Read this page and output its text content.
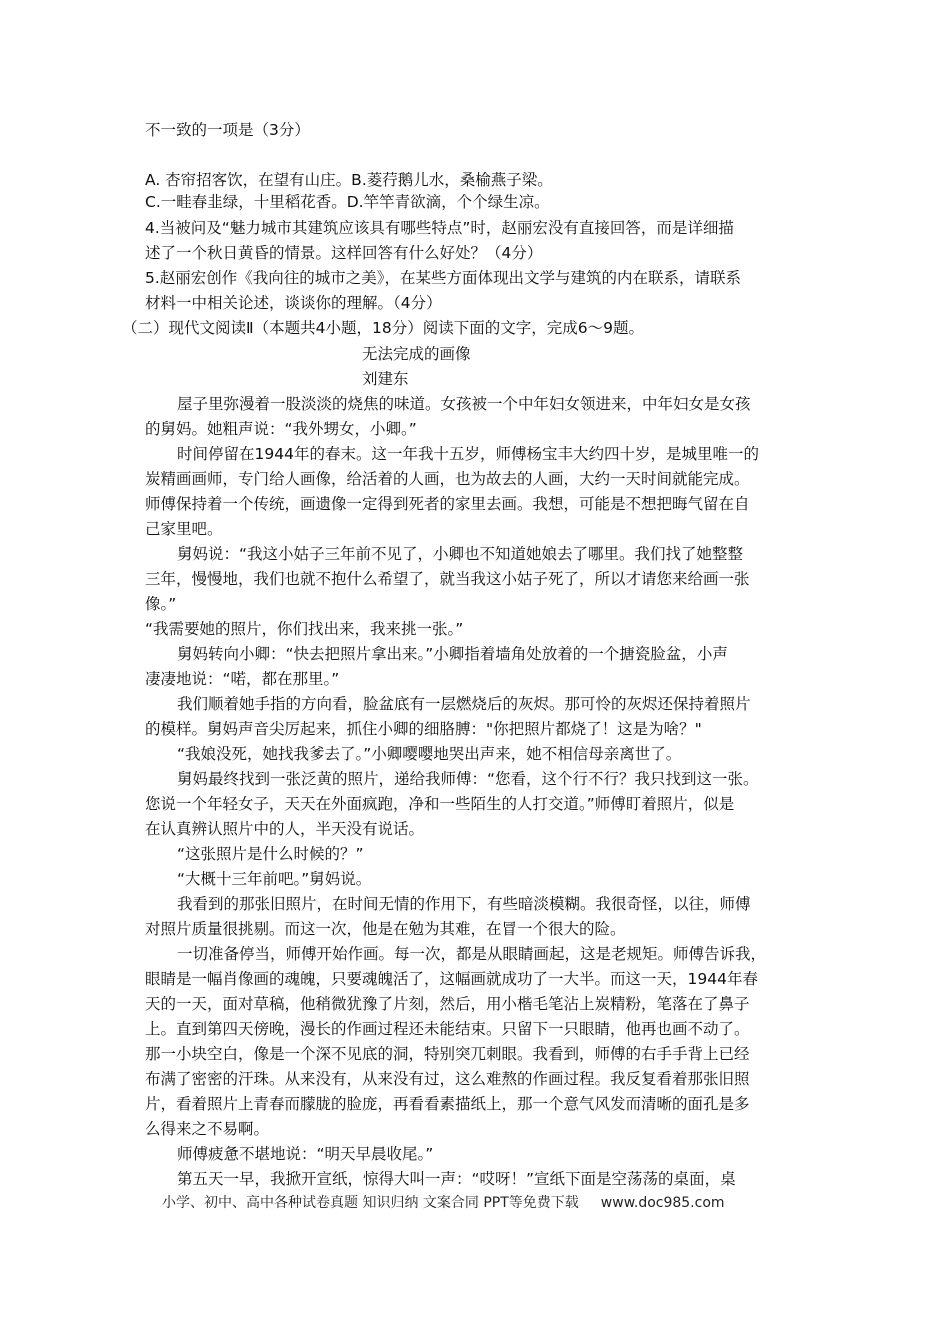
不一致的一项是（3分）
A. 杏帘招客饮，在望有山庄。B.菱荇鹅儿水，桑榆燕子梁。
C.一畦春韭绿，十里稻花香。D.竿竿青欲滴，个个绿生凉。
4.当被问及“魅力城市其建筑应该具有哪些特点”时，赵丽宏没有直接回答，而是详细描
述了一个秋日黄昏的情景。这样回答有什么好处？（4分）
5.赵丽宏创作《我向往的城市之美》，在某些方面体现出文学与建筑的内在联系，请联系
材料一中相关论述，谈谈你的理解。（4分）
（二）现代文阅读Ⅱ（本题共4小题，18分）阅读下面的文字，完成6～9题。
无法完成的画像
刘建东
屋子里弥漫着一股淡淡的烧焦的味道。女孩被一个中年妇女领进来，中年妇女是女孩
的舅妈。她粗声说：“我外甥女，小卿。”
时间停留在1944年的春末。这一年我十五岁，师傅杨宝丰大约四十岁，是城里唯一的
炭精画画师，专门给人画像，给活着的人画，也为故去的人画，大约一天时间就能完成。
师傅保持着一个传统，画遗像一定得到死者的家里去画。我想，可能是不想把晦气留在自
己家里吧。
舅妈说：“我这小姑子三年前不见了，小卿也不知道她娘去了哪里。我们找了她整整
三年，慢慢地，我们也就不抱什么希望了，就当我这小姑子死了，所以才请您来给画一张
像。”
“我需要她的照片，你们找出来，我来挑一张。”
舅妈转向小卿：“快去把照片拿出来。”小卿指着墙角处放着的一个搪瓷脸盆，小声
凄凄地说：“喏，都在那里。”
我们顺着她手指的方向看，脸盆底有一层燃烧后的灰烬。那可怜的灰烬还保持着照片
的模样。舅妈声音尖厉起来，抓住小卿的细胳膊："你把照片都烧了！这是为啥？"
“我娘没死，她找我爹去了。”小卿嘤嘤地哭出声来，她不相信母亲离世了。
舅妈最终找到一张泛黄的照片，递给我师傅：“您看，这个行不行？我只找到这一张。
您说一个年轻女子，天天在外面疯跑，净和一些陌生的人打交道。”师傅盯着照片，似是
在认真辨认照片中的人，半天没有说话。
“这张照片是什么时候的？”
“大概十三年前吧。”舅妈说。
我看到的那张旧照片，在时间无情的作用下，有些暗淡模糊。我很奇怪，以往，师傅
对照片质量很挑剔。而这一次，他是在勉为其难，在冒一个很大的险。
一切准备停当，师傅开始作画。每一次，都是从眼睛画起，这是老规矩。师傅告诉我，
眼睛是一幅肖像画的魂魄，只要魂魄活了，这幅画就成功了一大半。而这一天，1944年春
天的一天，面对草稿，他稍微犹豫了片刻，然后，用小楷毛笔沾上炭精粉，笔落在了鼻子
上。直到第四天傍晚，漫长的作画过程还未能结束。只留下一只眼睛，他再也画不动了。
那一小块空白，像是一个深不见底的洞，特别突兀刺眼。我看到，师傅的右手手背上已经
布满了密密的汗珠。从来没有，从来没有过，这么难熬的作画过程。我反复看着那张旧照
片，看着照片上青春而朦胧的脸庞，再看看素描纸上，那一个意气风发而清晰的面孔是多
么得来之不易啊。
师傅疲惫不堪地说：“明天早晨收尾。”
第五天一早，我掀开宣纸，惊得大叫一声：“哎呀！”宣纸下面是空荡荡的桌面，桌
小学、初中、高中各种试卷真题 知识归纳 文案合同 PPT等免费下载 www.doc985.com
